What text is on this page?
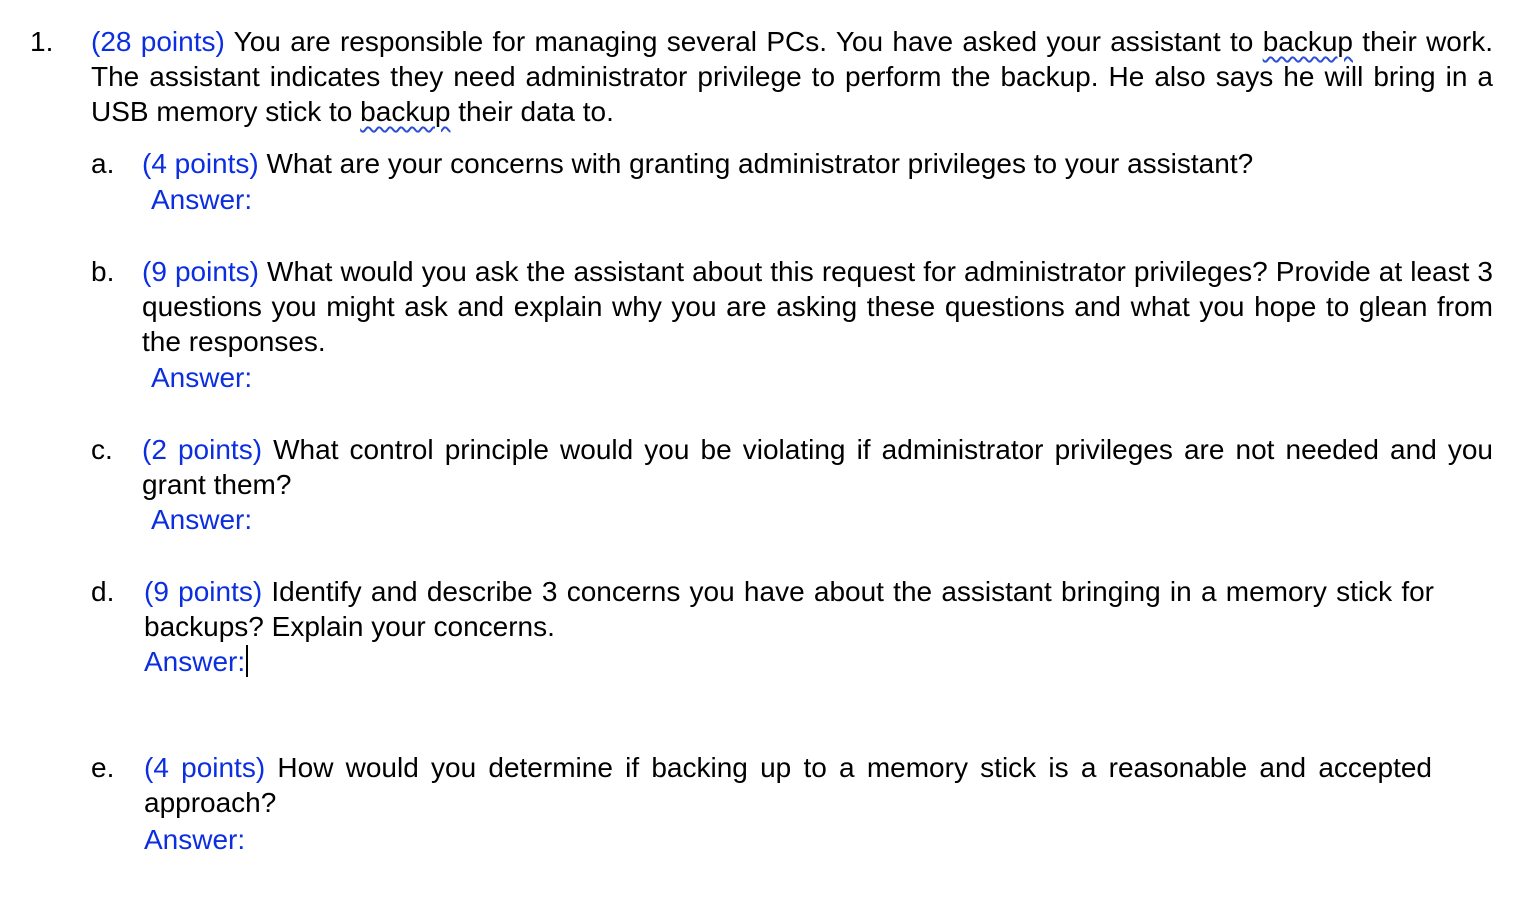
1. (28 points) You are responsible for managing several PCs. You have asked your assistant to backup their work. The assistant indicates they need administrator privilege to perform the backup. He also says he will bring in a USB memory stick to backup their data to.

a. (4 points) What are your concerns with granting administrator privileges to your assistant?

Answer:
b. (9 points) What would you ask the assistant about this request for administrator privileges? Provide at least 3 questions you might ask and explain why you are asking these questions and what you hope to glean from the responses.

Answer:
c. (2 points) What control principle would you be violating if administrator privileges are not needed and you grant them?

Answer:
d. (9 points) Identify and describe 3 concerns you have about the assistant bringing in a memory stick for backups? Explain your concerns.

Answer:
e. (4 points) How would you determine if backing up to a memory stick is a reasonable and accepted approach?

Answer:
